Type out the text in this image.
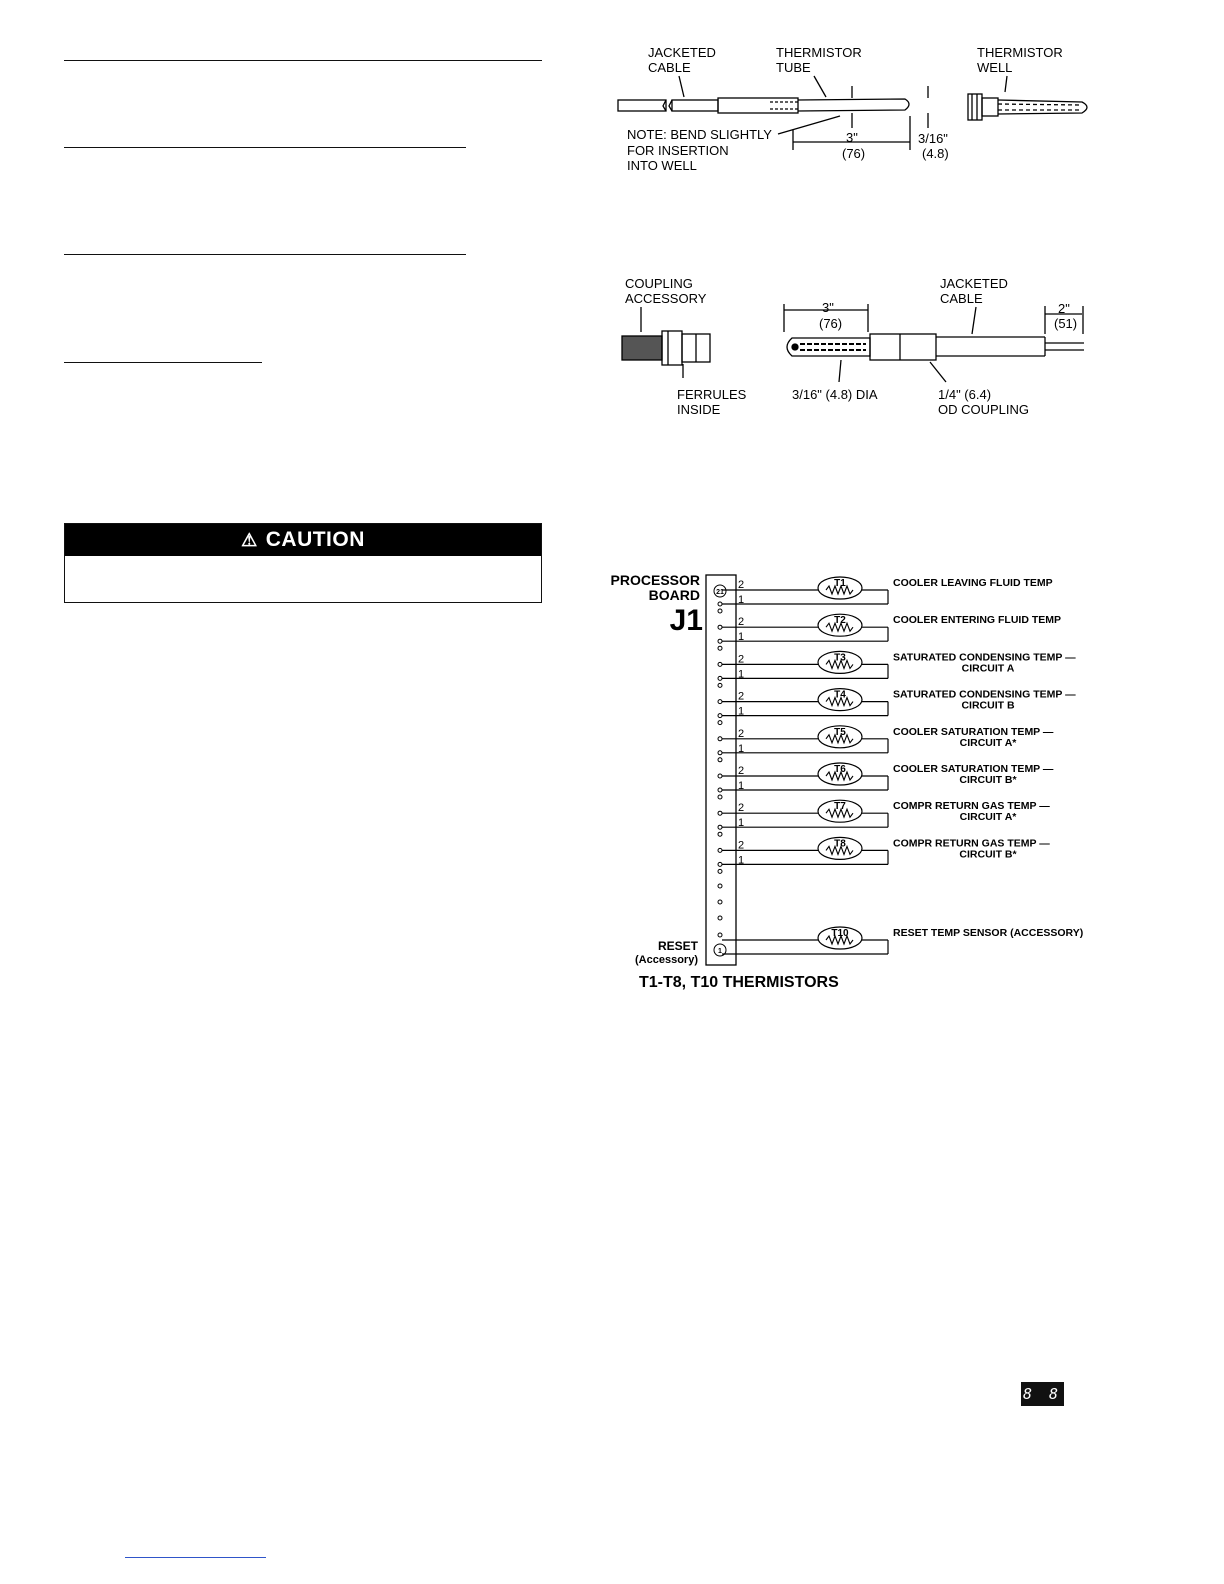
⚠ CAUTION
JACKETED
CABLE
THERMISTOR
TUBE
THERMISTOR
WELL
NOTE: BEND SLIGHTLY
FOR INSERTION
INTO WELL
3"
(76)
3/16"
(4.8)
COUPLING
ACCESSORY
FERRULES
INSIDE
3"
(76)
JACKETED
CABLE
2"
(51)
3/16" (4.8) DIA	1/4" (6.4)
OD COUPLING
PROCESSOR
BOARD
J1
RESET
(Accessory)
21
1
T1
2
1
COOLER LEAVING FLUID TEMP
T2
2
1
COOLER ENTERING FLUID TEMP
T3
2
1
SATURATED CONDENSING TEMP —
CIRCUIT A
T4
2
1
SATURATED CONDENSING TEMP —
CIRCUIT B
T5
2
1
COOLER SATURATION TEMP —
CIRCUIT A*
T6
2
1
COOLER SATURATION TEMP —
CIRCUIT B*
T7
2
1
COMPR RETURN GAS TEMP —
CIRCUIT A*
T8
2
1
COMPR RETURN GAS TEMP —
CIRCUIT B*
T10	RESET TEMP SENSOR (ACCESSORY)
T1-T8, T10 THERMISTORS
8 8
